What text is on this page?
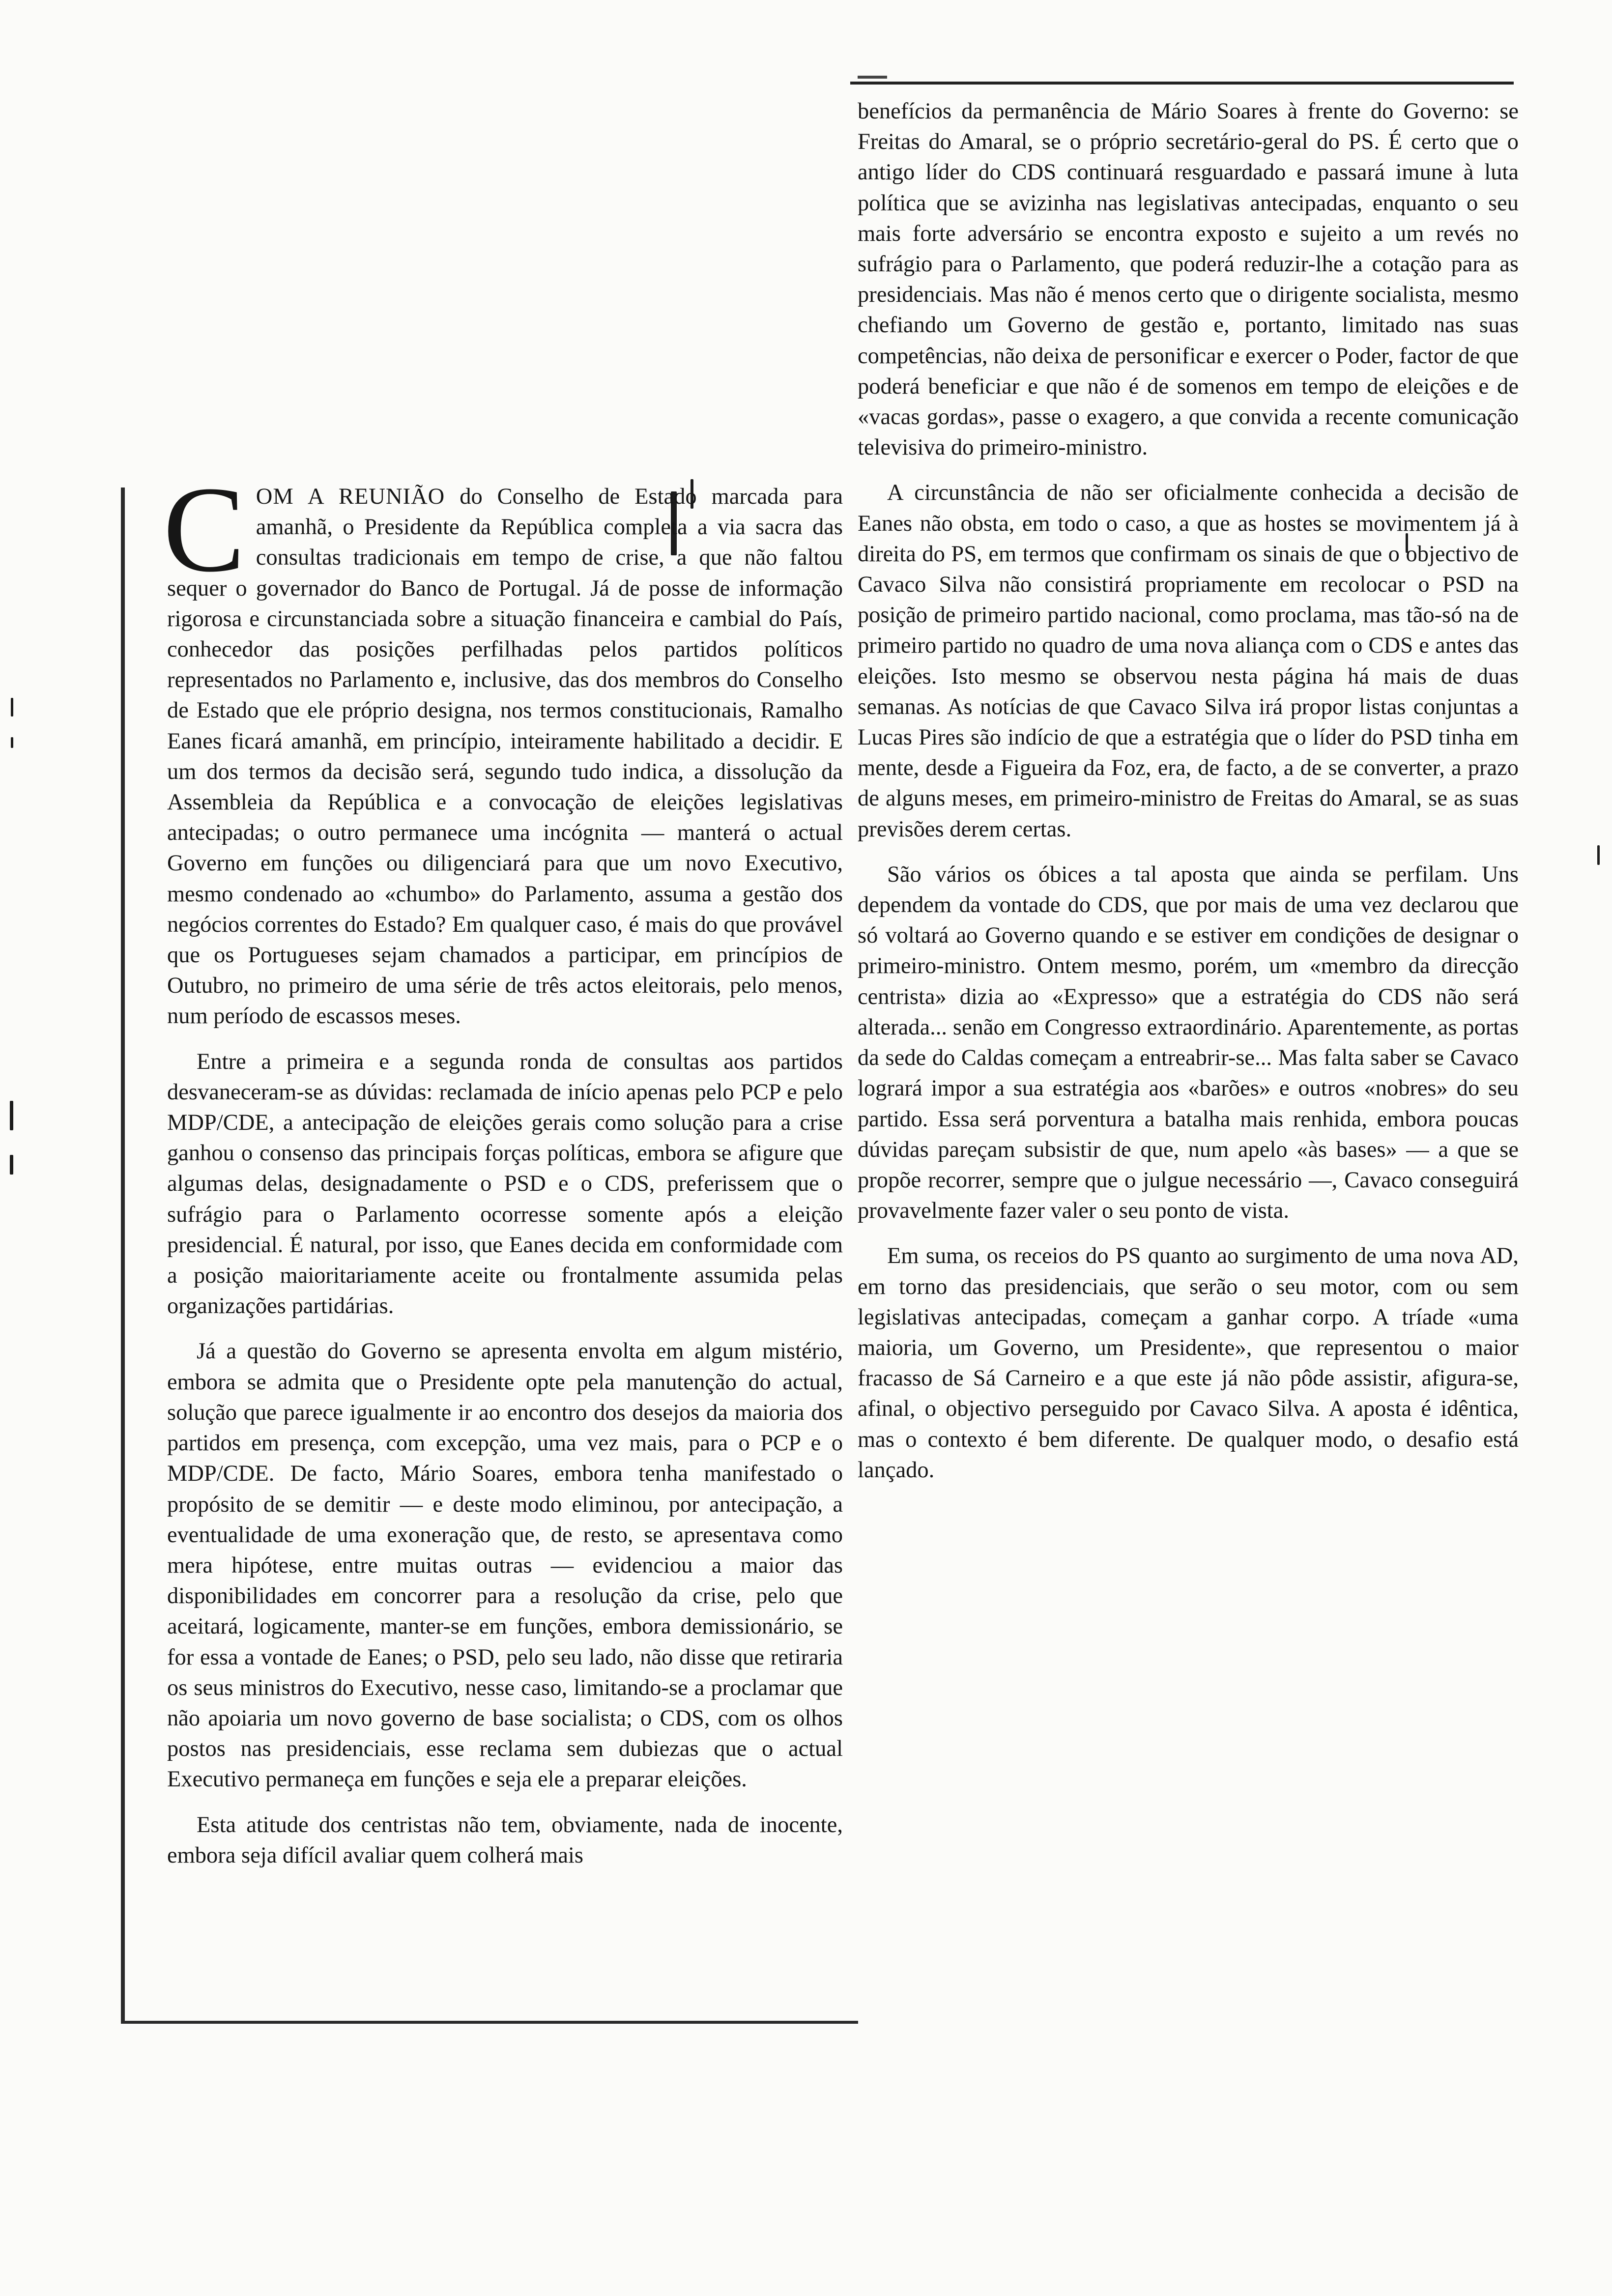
C OM A REUNIÃO do Conselho de Estado marcada para amanhã, o Presidente da República completa a via sacra das consultas tradicionais em tempo de crise, a que não faltou sequer o governador do Banco de Portugal. Já de posse de informação rigorosa e circunstanciada sobre a situação financeira e cambial do País, conhecedor das posições perfilhadas pelos partidos políticos representados no Parlamento e, inclusive, das dos membros do Conselho de Estado que ele próprio designa, nos termos constitucionais, Ramalho Eanes ficará amanhã, em princípio, inteiramente habilitado a decidir. E um dos termos da decisão será, segundo tudo indica, a dissolução da Assembleia da República e a convocação de eleições legislativas antecipadas; o outro permanece uma incógnita — manterá o actual Governo em funções ou diligenciará para que um novo Executivo, mesmo condenado ao «chumbo» do Parlamento, assuma a gestão dos negócios correntes do Estado? Em qualquer caso, é mais do que provável que os Portugueses sejam chamados a participar, em princípios de Outubro, no primeiro de uma série de três actos eleitorais, pelo menos, num período de escassos meses.

Entre a primeira e a segunda ronda de consultas aos partidos desvaneceram-se as dúvidas: reclamada de início apenas pelo PCP e pelo MDP/CDE, a antecipação de eleições gerais como solução para a crise ganhou o consenso das principais forças políticas, embora se afigure que algumas delas, designadamente o PSD e o CDS, preferissem que o sufrágio para o Parlamento ocorresse somente após a eleição presidencial. É natural, por isso, que Eanes decida em conformidade com a posição maioritariamente aceite ou frontalmente assumida pelas organizações partidárias.

Já a questão do Governo se apresenta envolta em algum mistério, embora se admita que o Presidente opte pela manutenção do actual, solução que parece igualmente ir ao encontro dos desejos da maioria dos partidos em presença, com excepção, uma vez mais, para o PCP e o MDP/CDE. De facto, Mário Soares, embora tenha manifestado o propósito de se demitir — e deste modo eliminou, por antecipação, a eventualidade de uma exoneração que, de resto, se apresentava como mera hipótese, entre muitas outras — evidenciou a maior das disponibilidades em concorrer para a resolução da crise, pelo que aceitará, logicamente, manter-se em funções, embora demissionário, se for essa a vontade de Eanes; o PSD, pelo seu lado, não disse que retiraria os seus ministros do Executivo, nesse caso, limitando-se a proclamar que não apoiaria um novo governo de base socialista; o CDS, com os olhos postos nas presidenciais, esse reclama sem dubiezas que o actual Executivo permaneça em funções e seja ele a preparar eleições.

Esta atitude dos centristas não tem, obviamente, nada de inocente, embora seja difícil avaliar quem colherá mais

benefícios da permanência de Mário Soares à frente do Governo: se Freitas do Amaral, se o próprio secretário-geral do PS. É certo que o antigo líder do CDS continuará resguardado e passará imune à luta política que se avizinha nas legislativas antecipadas, enquanto o seu mais forte adversário se encontra exposto e sujeito a um revés no sufrágio para o Parlamento, que poderá reduzir-lhe a cotação para as presidenciais. Mas não é menos certo que o dirigente socialista, mesmo chefiando um Governo de gestão e, portanto, limitado nas suas competências, não deixa de personificar e exercer o Poder, factor de que poderá beneficiar e que não é de somenos em tempo de eleições e de «vacas gordas», passe o exagero, a que convida a recente comunicação televisiva do primeiro-ministro.

A circunstância de não ser oficialmente conhecida a decisão de Eanes não obsta, em todo o caso, a que as hostes se movimentem já à direita do PS, em termos que confirmam os sinais de que o objectivo de Cavaco Silva não consistirá propriamente em recolocar o PSD na posição de primeiro partido nacional, como proclama, mas tão-só na de primeiro partido no quadro de uma nova aliança com o CDS e antes das eleições. Isto mesmo se observou nesta página há mais de duas semanas. As notícias de que Cavaco Silva irá propor listas conjuntas a Lucas Pires são indício de que a estratégia que o líder do PSD tinha em mente, desde a Figueira da Foz, era, de facto, a de se converter, a prazo de alguns meses, em primeiro-ministro de Freitas do Amaral, se as suas previsões derem certas.

São vários os óbices a tal aposta que ainda se perfilam. Uns dependem da vontade do CDS, que por mais de uma vez declarou que só voltará ao Governo quando e se estiver em condições de designar o primeiro-ministro. Ontem mesmo, porém, um «membro da direcção centrista» dizia ao «Expresso» que a estratégia do CDS não será alterada... senão em Congresso extraordinário. Aparentemente, as portas da sede do Caldas começam a entreabrir-se... Mas falta saber se Cavaco logrará impor a sua estratégia aos «barões» e outros «nobres» do seu partido. Essa será porventura a batalha mais renhida, embora poucas dúvidas pareçam subsistir de que, num apelo «às bases» — a que se propõe recorrer, sempre que o julgue necessário —, Cavaco conseguirá provavelmente fazer valer o seu ponto de vista.

Em suma, os receios do PS quanto ao surgimento de uma nova AD, em torno das presidenciais, que serão o seu motor, com ou sem legislativas antecipadas, começam a ganhar corpo. A tríade «uma maioria, um Governo, um Presidente», que representou o maior fracasso de Sá Carneiro e a que este já não pôde assistir, afigura-se, afinal, o objectivo perseguido por Cavaco Silva. A aposta é idêntica, mas o contexto é bem diferente. De qualquer modo, o desafio está lançado.
